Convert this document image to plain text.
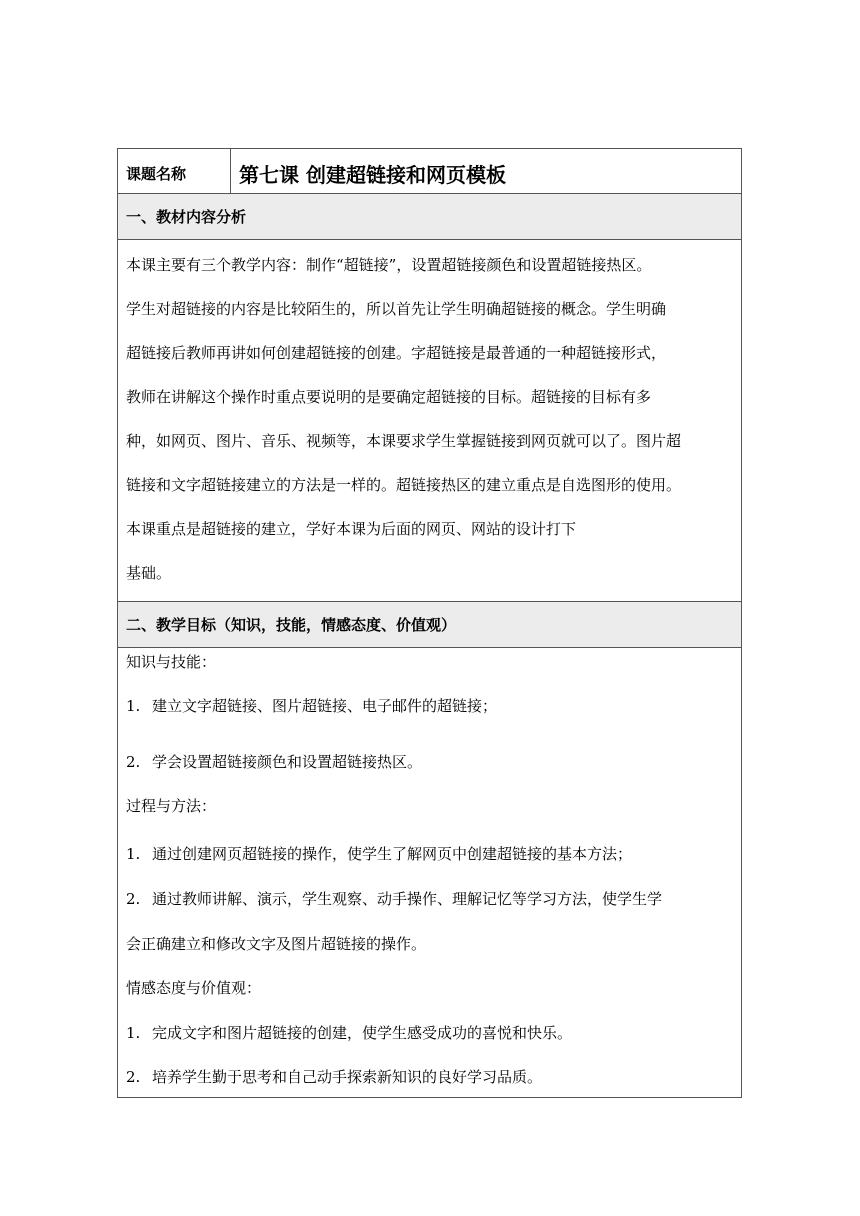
课题名称	第七课 创建超链接和网页模板
一、教材内容分析
本课主要有三个教学内容：制作“超链接”，设置超链接颜色和设置超链接热区。
学生对超链接的内容是比较陌生的，所以首先让学生明确超链接的概念。学生明确
超链接后教师再讲如何创建超链接的创建。字超链接是最普通的一种超链接形式，
教师在讲解这个操作时重点要说明的是要确定超链接的目标。超链接的目标有多
种，如网页、图片、音乐、视频等，本课要求学生掌握链接到网页就可以了。图片超
链接和文字超链接建立的方法是一样的。超链接热区的建立重点是自选图形的使用。
本课重点是超链接的建立，学好本课为后面的网页、网站的设计打下
基础。
二、教学目标（知识，技能，情感态度、价值观）
知识与技能：
1. 建立文字超链接、图片超链接、电子邮件的超链接；
2. 学会设置超链接颜色和设置超链接热区。
过程与方法：
1. 通过创建网页超链接的操作，使学生了解网页中创建超链接的基本方法；
2. 通过教师讲解、演示，学生观察、动手操作、理解记忆等学习方法，使学生学
会正确建立和修改文字及图片超链接的操作。
情感态度与价值观：
1. 完成文字和图片超链接的创建，使学生感受成功的喜悦和快乐。
2. 培养学生勤于思考和自己动手探索新知识的良好学习品质。
